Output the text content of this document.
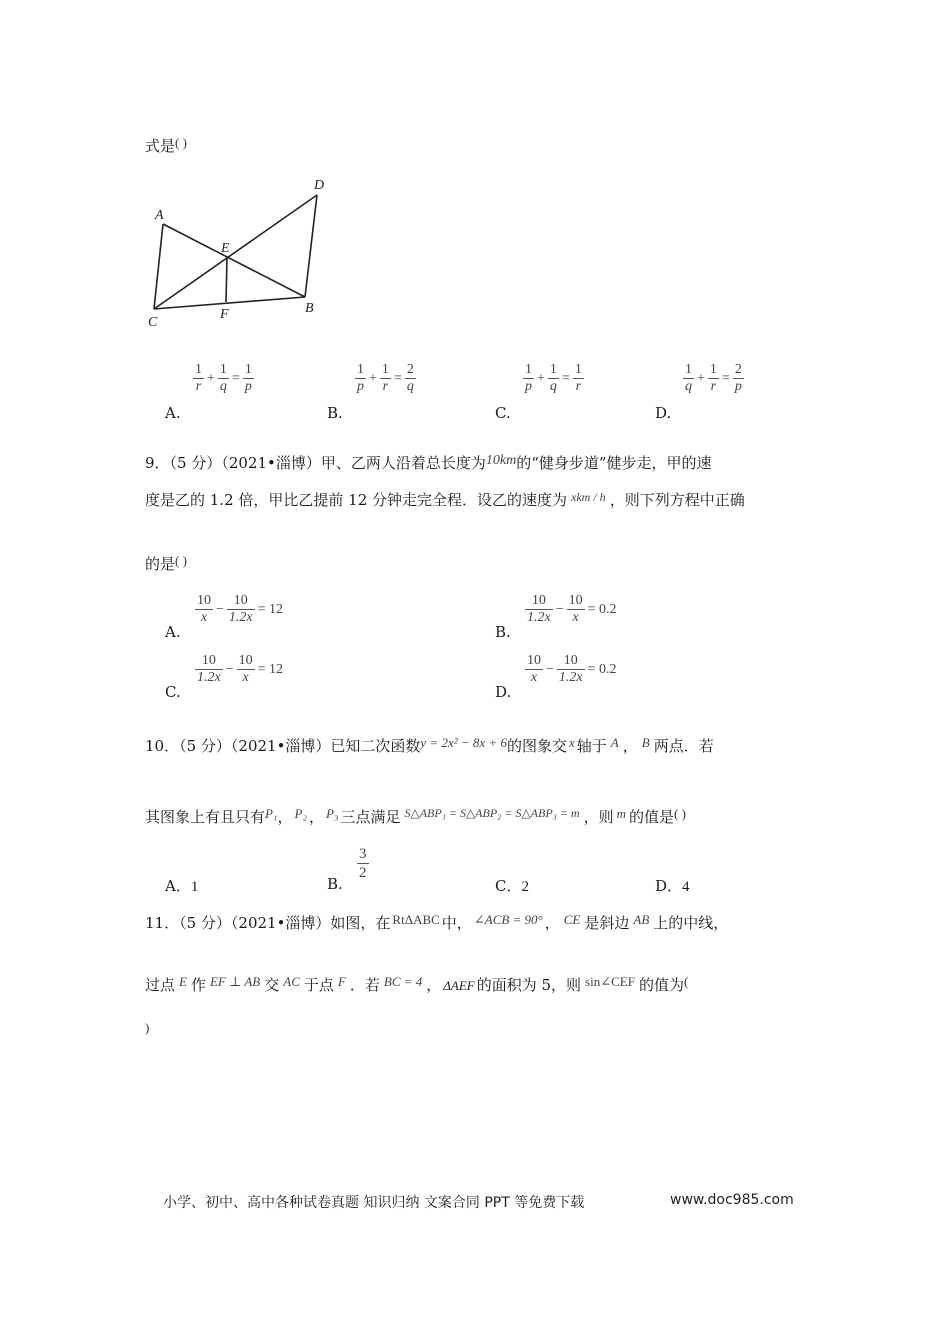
式是( )
A
D
E
C
F	B
A.
$\frac{1}{r} + \frac{1}{q} = \frac{1}{p}$
B.
$\frac{1}{p} + \frac{1}{r} = \frac{2}{q}$
C.
$\frac{1}{p} + \frac{1}{q} = \frac{1}{r}$
D.
$\frac{1}{q} + \frac{1}{r} = \frac{2}{p}$
9．（5 分）（2021•淄博）甲、乙两人沿着总长度为10km的“健身步道”健步走，甲的速
度是乙的 1.2 倍，甲比乙提前 12 分钟走完全程．设乙的速度为 $^{xkm / h}$ ，则下列方程中正确
的是( )
A.
$\frac{10}{x} - \frac{10}{1.2x} = 12$
B.
$\frac{10}{1.2x} - \frac{10}{x} = 0.2$
C.
$\frac{10}{1.2x} - \frac{10}{x} = 12$
D.
$\frac{10}{x} - \frac{10}{1.2x} = 0.2$
10．（5 分）（2021•淄博）已知二次函数y = 2x² − 8x + 6的图象交 x 轴于 A ， B 两点．若
其图象上有且只有P₁， P₂ ， P₃ 三点满足 $^{S\triangle ABP_1 = S\triangle ABP_2 = S\triangle ABP_3 = m}$ ，则 m 的值是( )
A．1	B.
$\frac{3}{2}$
C．2	D．4
11．（5 分）（2021•淄博）如图，在 RtΔABC 中， ∠ACB = 90° ， CE 是斜边 AB 上的中线，
过点 E 作 EF ⊥ AB 交 AC 于点 F ．若 BC = 4 ， ΔAEF 的面积为 5，则 sin∠CEF 的值为(
)
小学、初中、高中各种试卷真题 知识归纳 文案合同 PPT 等免费下载	www.doc985.com
